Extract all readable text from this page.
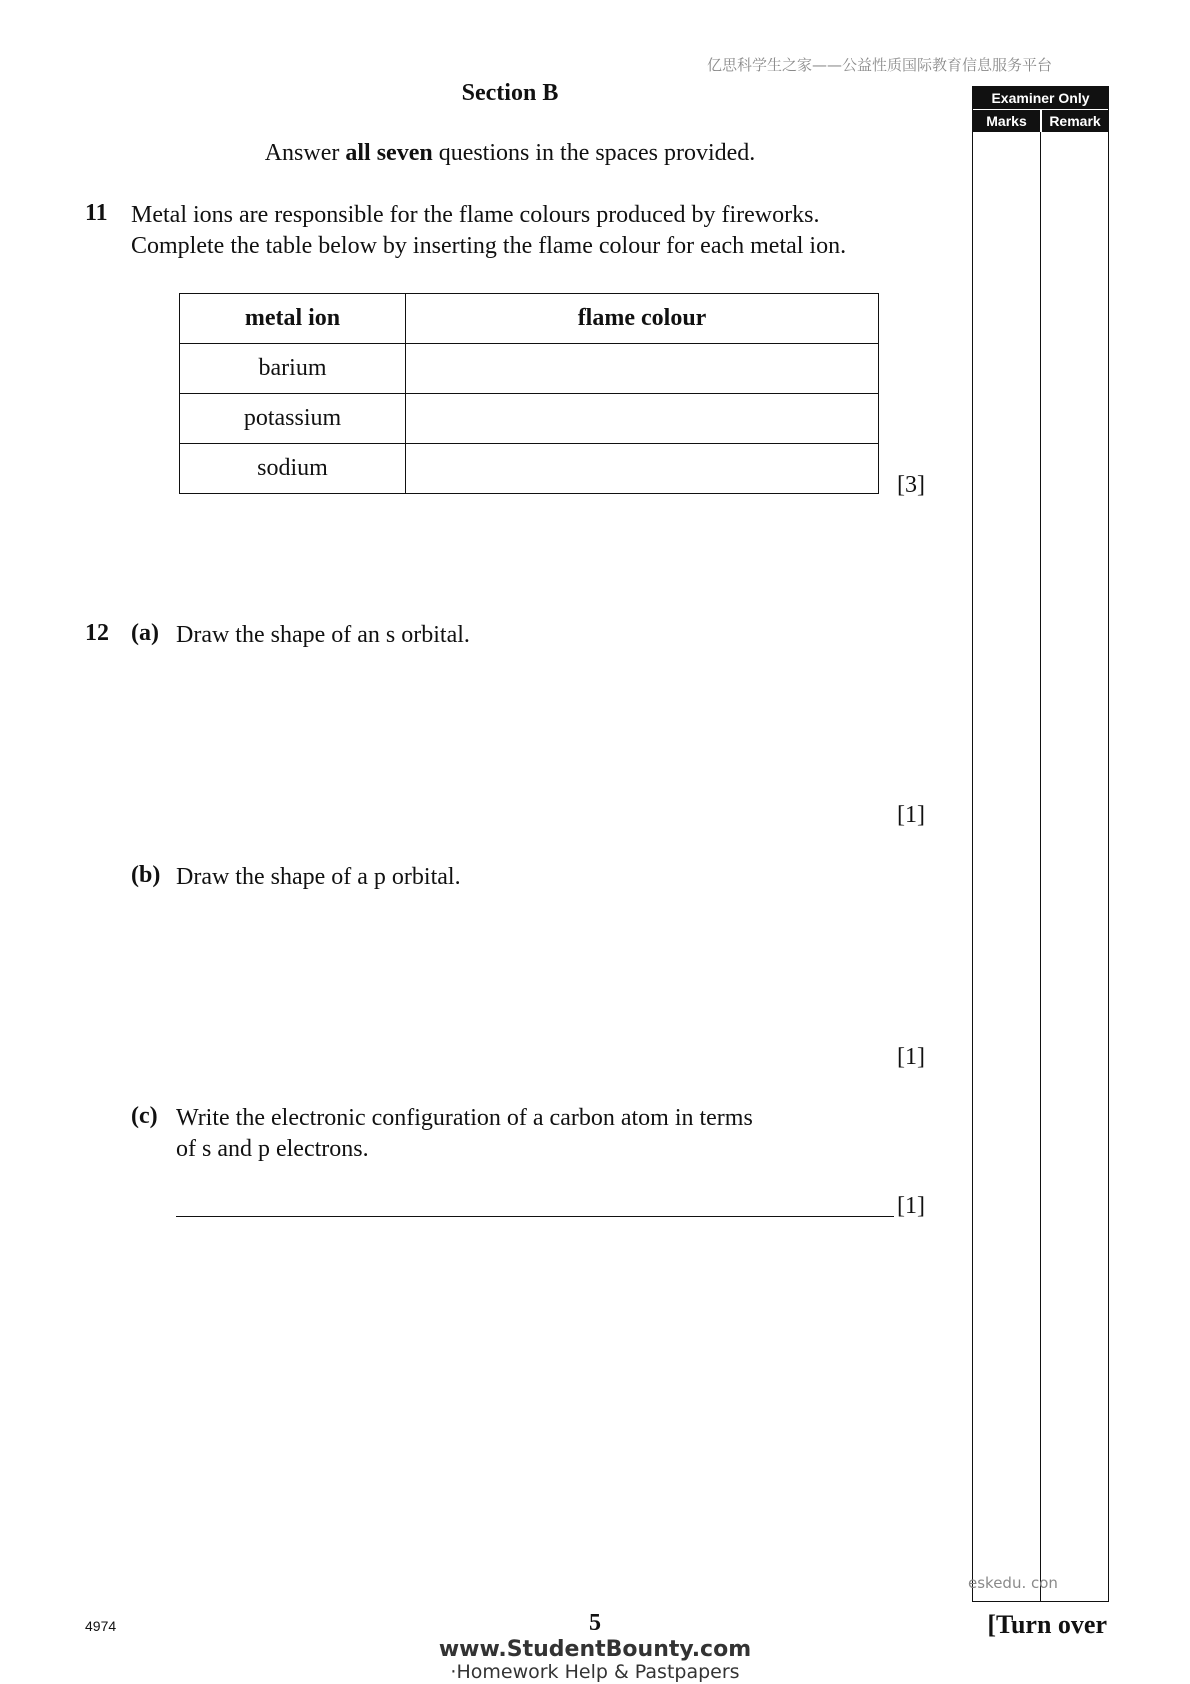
亿思科学生之家——公益性质国际教育信息服务平台
Section B
Answer all seven questions in the spaces provided.
11 Metal ions are responsible for the flame colours produced by fireworks.
Complete the table below by inserting the flame colour for each metal ion.
metal ion	flame colour
barium	
potassium	
sodium	
[3]
12 (a) Draw the shape of an s orbital.
[1]
(b) Draw the shape of a p orbital.
[1]
(c) Write the electronic configuration of a carbon atom in terms
of s and p electrons.
[1]
Examiner Only
Marks	Remark
eskedu. con
4974	5	[Turn over
www.StudentBounty.com
·Homework Help & Pastpapers
